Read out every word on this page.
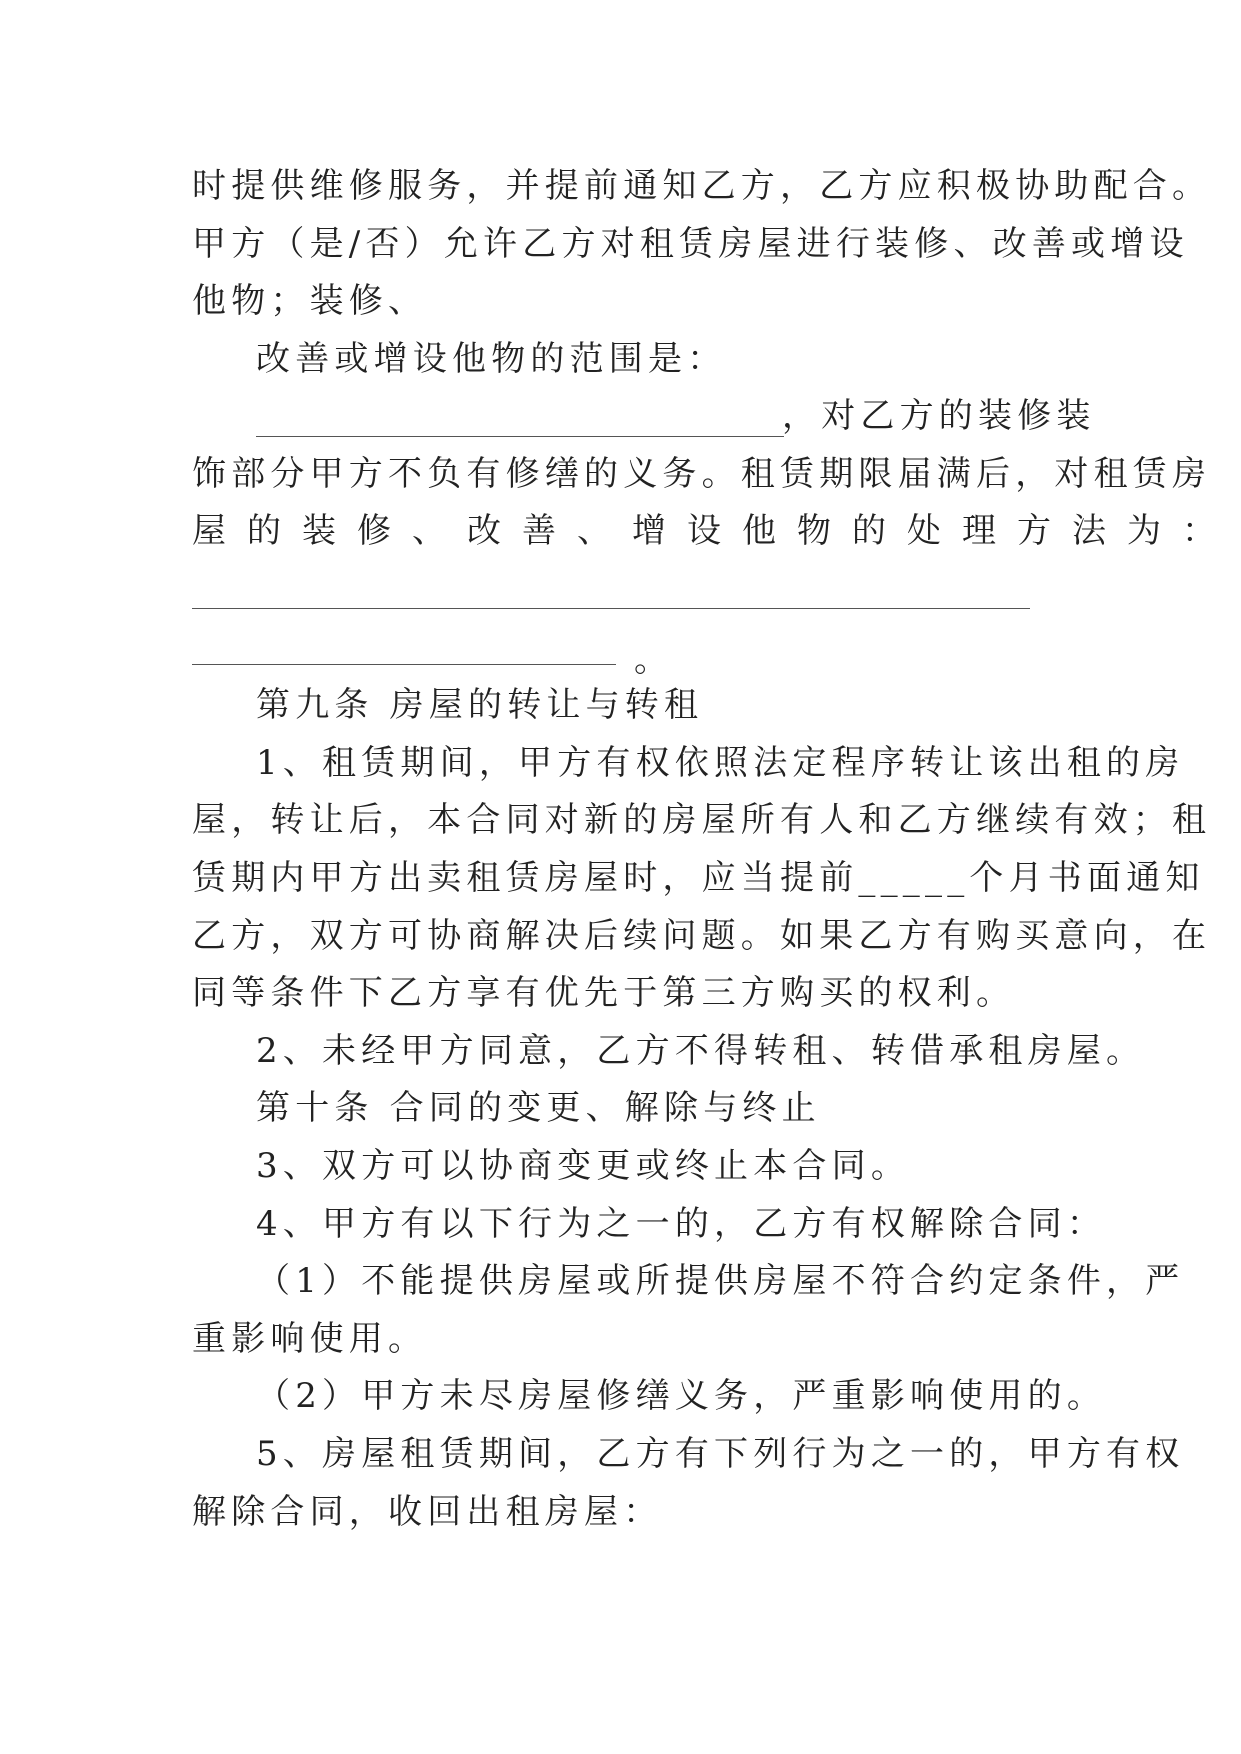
时提供维修服务，并提前通知乙方，乙方应积极协助配合。
甲方（是/否）允许乙方对租赁房屋进行装修、改善或增设
他物；装修、
改善或增设他物的范围是：
，对乙方的装修装
饰部分甲方不负有修缮的义务。租赁期限届满后，对租赁房
屋的装修、改善、增设他物的处理方法为：
。
第九条 房屋的转让与转租
1、租赁期间，甲方有权依照法定程序转让该出租的房
屋，转让后，本合同对新的房屋所有人和乙方继续有效；租
赁期内甲方出卖租赁房屋时，应当提前_____个月书面通知
乙方，双方可协商解决后续问题。如果乙方有购买意向，在
同等条件下乙方享有优先于第三方购买的权利。
2、未经甲方同意，乙方不得转租、转借承租房屋。
第十条 合同的变更、解除与终止
3、双方可以协商变更或终止本合同。
4、甲方有以下行为之一的，乙方有权解除合同：
（1）不能提供房屋或所提供房屋不符合约定条件，严
重影响使用。
（2）甲方未尽房屋修缮义务，严重影响使用的。
5、房屋租赁期间，乙方有下列行为之一的，甲方有权
解除合同，收回出租房屋：
